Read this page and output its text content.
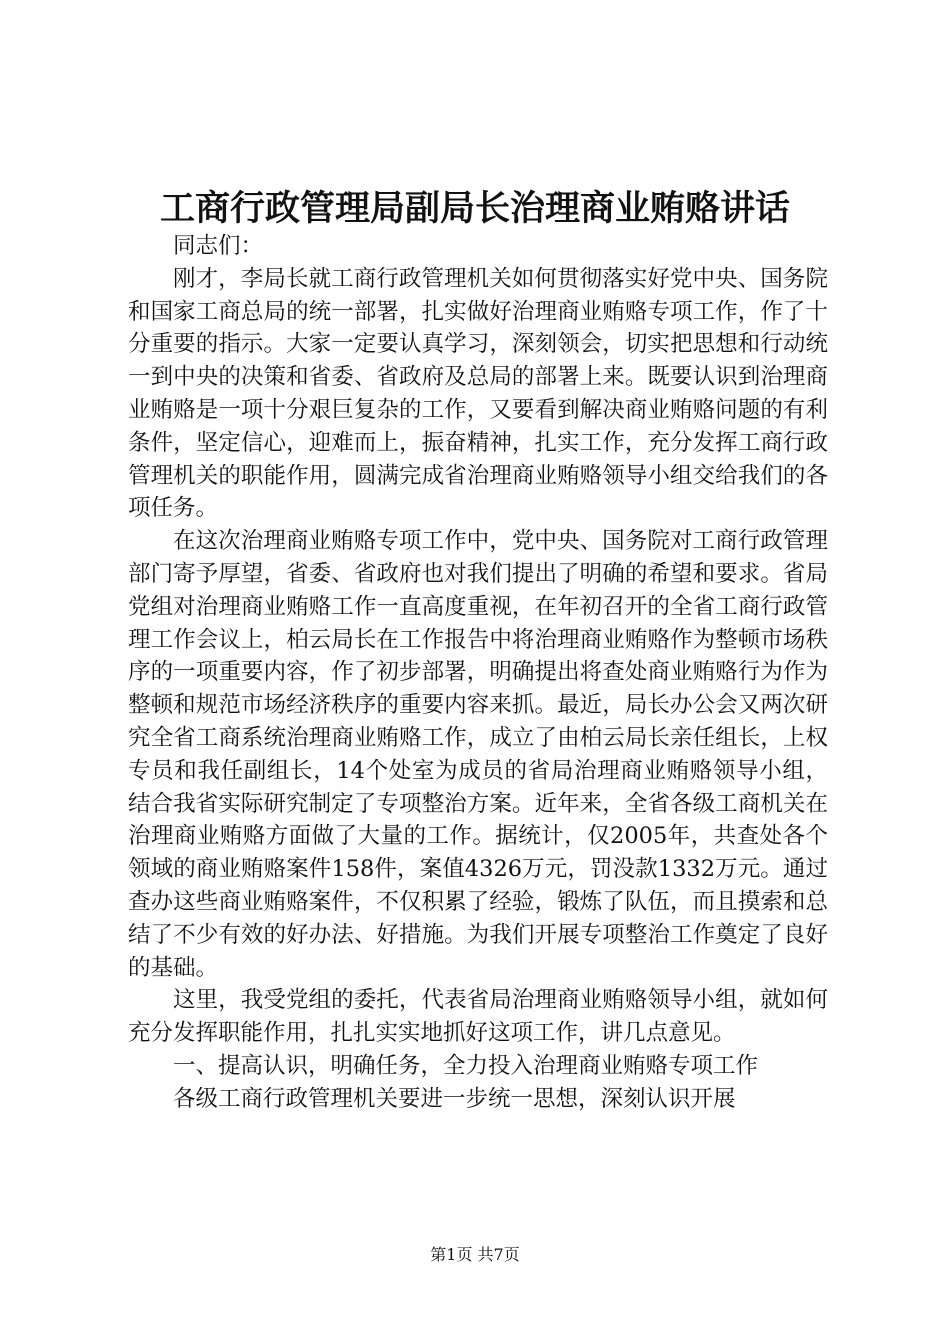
工商行政管理局副局长治理商业贿赂讲话

同志们：

刚才，李局长就工商行政管理机关如何贯彻落实好党中央、国务院和国家工商总局的统一部署，扎实做好治理商业贿赂专项工作，作了十分重要的指示。大家一定要认真学习，深刻领会，切实把思想和行动统一到中央的决策和省委、省政府及总局的部署上来。既要认识到治理商业贿赂是一项十分艰巨复杂的工作，又要看到解决商业贿赂问题的有利条件，坚定信心，迎难而上，振奋精神，扎实工作，充分发挥工商行政管理机关的职能作用，圆满完成省治理商业贿赂领导小组交给我们的各项任务。

在这次治理商业贿赂专项工作中，党中央、国务院对工商行政管理部门寄予厚望，省委、省政府也对我们提出了明确的希望和要求。省局党组对治理商业贿赂工作一直高度重视，在年初召开的全省工商行政管理工作会议上，柏云局长在工作报告中将治理商业贿赂作为整顿市场秩序的一项重要内容，作了初步部署，明确提出将查处商业贿赂行为作为整顿和规范市场经济秩序的重要内容来抓。最近，局长办公会又两次研究全省工商系统治理商业贿赂工作，成立了由柏云局长亲任组长，上权专员和我任副组长，14个处室为成员的省局治理商业贿赂领导小组，结合我省实际研究制定了专项整治方案。近年来，全省各级工商机关在治理商业贿赂方面做了大量的工作。据统计，仅2005年，共查处各个领域的商业贿赂案件158件，案值4326万元，罚没款1332万元。通过查办这些商业贿赂案件，不仅积累了经验，锻炼了队伍，而且摸索和总结了不少有效的好办法、好措施。为我们开展专项整治工作奠定了良好的基础。

这里，我受党组的委托，代表省局治理商业贿赂领导小组，就如何充分发挥职能作用，扎扎实实地抓好这项工作，讲几点意见。

一、提高认识，明确任务，全力投入治理商业贿赂专项工作

各级工商行政管理机关要进一步统一思想，深刻认识开展

第1页 共7页
